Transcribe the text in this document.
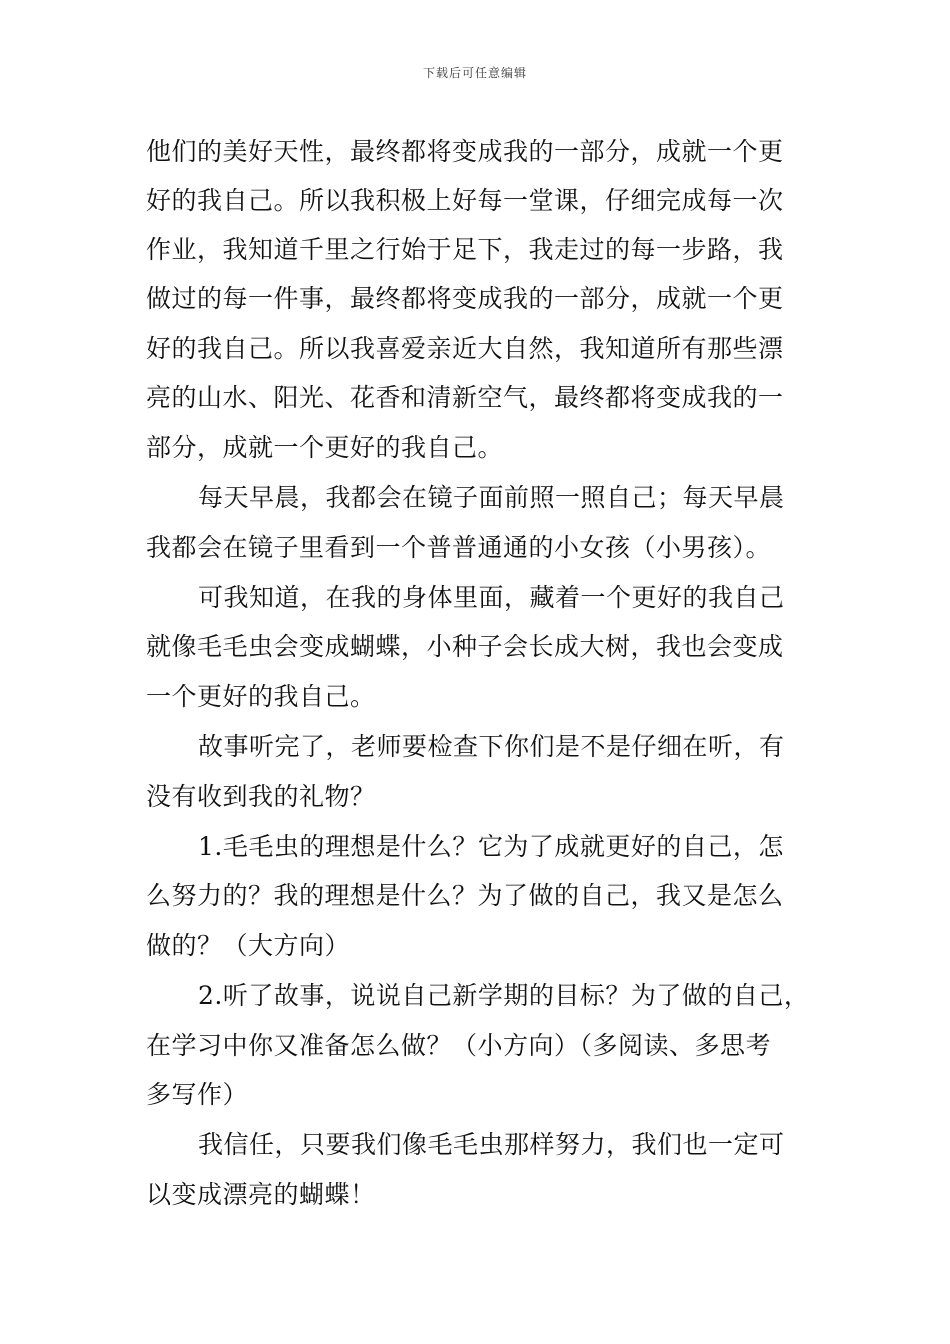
下载后可任意编辑
他们的美好天性，最终都将变成我的一部分，成就一个更
好的我自己。所以我积极上好每一堂课，仔细完成每一次
作业，我知道千里之行始于足下，我走过的每一步路，我
做过的每一件事，最终都将变成我的一部分，成就一个更
好的我自己。所以我喜爱亲近大自然，我知道所有那些漂
亮的山水、阳光、花香和清新空气，最终都将变成我的一
部分，成就一个更好的我自己。
每天早晨，我都会在镜子面前照一照自己；每天早晨
我都会在镜子里看到一个普普通通的小女孩（小男孩）。
可我知道，在我的身体里面，藏着一个更好的我自己
就像毛毛虫会变成蝴蝶，小种子会长成大树，我也会变成
一个更好的我自己。
故事听完了，老师要检查下你们是不是仔细在听，有
没有收到我的礼物？
1.毛毛虫的理想是什么？它为了成就更好的自己，怎
么努力的？我的理想是什么？为了做的自己，我又是怎么
做的？（大方向）
2.听了故事，说说自己新学期的目标？为了做的自己，
在学习中你又准备怎么做？（小方向）（多阅读、多思考
多写作）
我信任，只要我们像毛毛虫那样努力，我们也一定可
以变成漂亮的蝴蝶！
